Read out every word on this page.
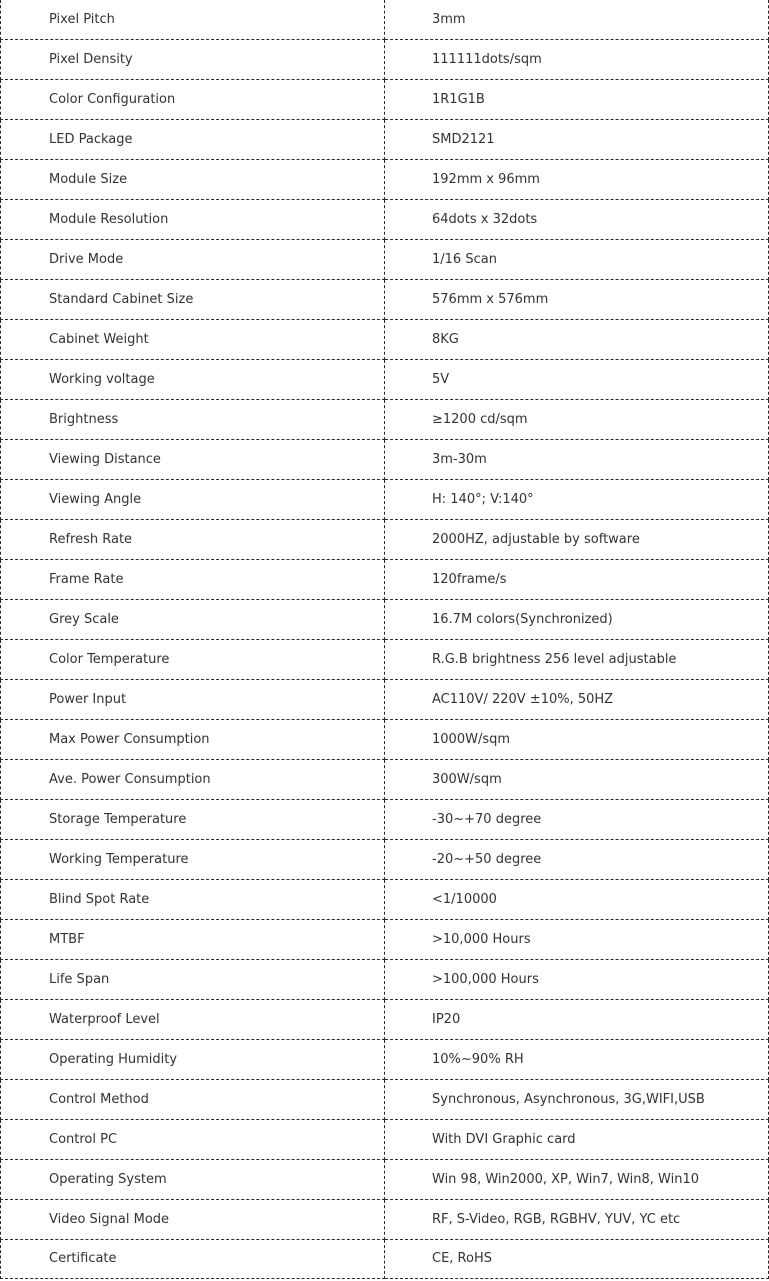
Pixel Pitch	3mm
Pixel Density	111111dots/sqm
Color Configuration	1R1G1B
LED Package	SMD2121
Module Size	192mm x 96mm
Module Resolution	64dots x 32dots
Drive Mode	1/16 Scan
Standard Cabinet Size	576mm x 576mm
Cabinet Weight	8KG
Working voltage	5V
Brightness	≥1200 cd/sqm
Viewing Distance	3m-30m
Viewing Angle	H: 140°; V:140°
Refresh Rate	2000HZ, adjustable by software
Frame Rate	120frame/s
Grey Scale	16.7M colors(Synchronized)
Color Temperature	R.G.B brightness 256 level adjustable
Power Input	AC110V/ 220V ±10%, 50HZ
Max Power Consumption	1000W/sqm
Ave. Power Consumption	300W/sqm
Storage Temperature	-30~+70 degree
Working Temperature	-20~+50 degree
Blind Spot Rate	<1/10000
MTBF	>10,000 Hours
Life Span	>100,000 Hours
Waterproof Level	IP20
Operating Humidity	10%~90% RH
Control Method	Synchronous, Asynchronous, 3G,WIFI,USB
Control PC	With DVI Graphic card
Operating System	Win 98, Win2000, XP, Win7, Win8, Win10
Video Signal Mode	RF, S-Video, RGB, RGBHV, YUV, YC etc
Certificate	CE, RoHS
